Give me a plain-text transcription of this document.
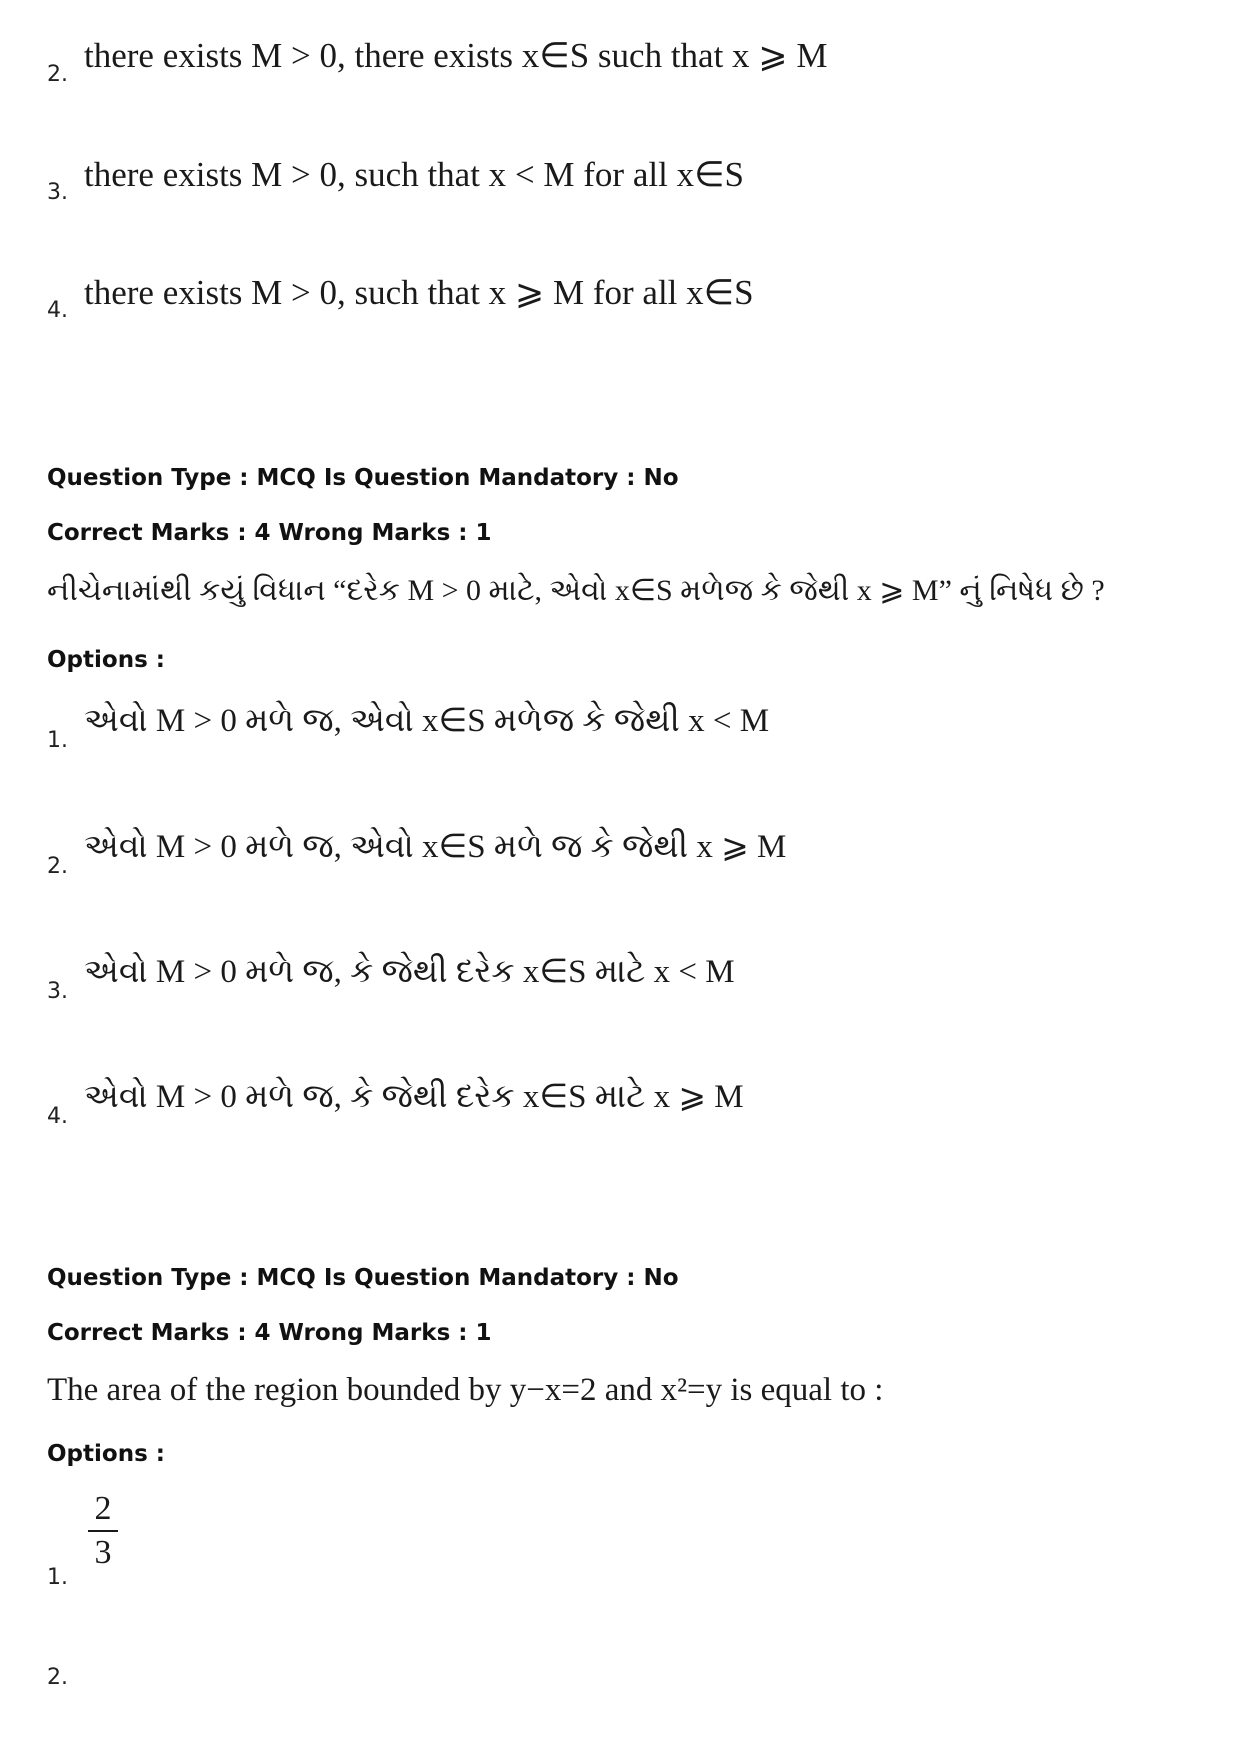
2. there exists M > 0, there exists x∈S such that x ⩾ M
3. there exists M > 0, such that x < M for all x∈S
4. there exists M > 0, such that x ⩾ M for all x∈S
Question Type : MCQ Is Question Mandatory : No
Correct Marks : 4 Wrong Marks : 1
નીચેનામાંથી કયું વિધાન “દરેક M > 0 માટે, એવો x∈S મળેજ કે જેથી x ⩾ M” નું નિષેધ છે ?
Options :
1.
એવો M > 0 મળે જ, એવો x∈S મળેજ કે જેથી x < M
2.
એવો M > 0 મળે જ, એવો x∈S મળે જ કે જેથી x ⩾ M
3.
એવો M > 0 મળે જ, કે જેથી દરેક x∈S માટે x < M
4.
એવો M > 0 મળે જ, કે જેથી દરેક x∈S માટે x ⩾ M
Question Type : MCQ Is Question Mandatory : No
Correct Marks : 4 Wrong Marks : 1
The area of the region bounded by y−x=2 and x²=y is equal to :
Options :
1.
2
3
2.
